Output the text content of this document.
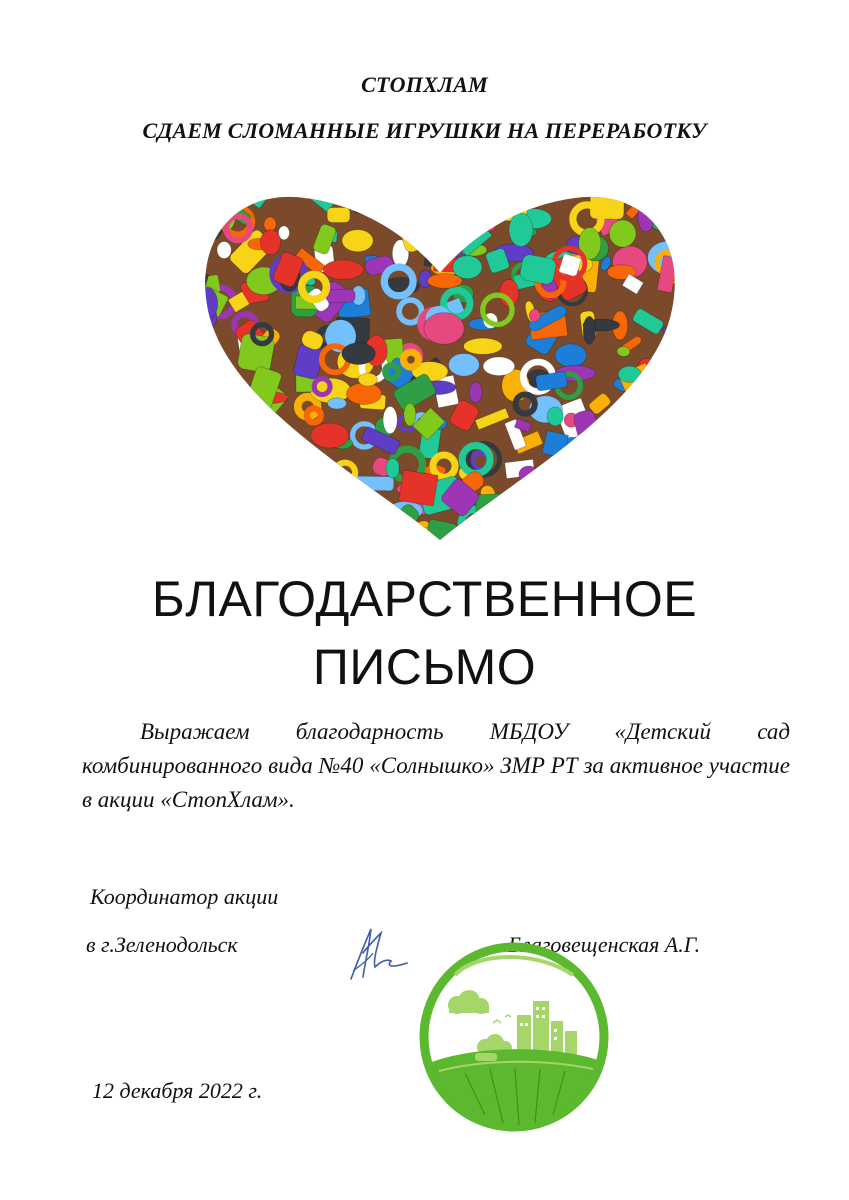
СТОПХЛАМ
СДАЕМ СЛОМАННЫЕ ИГРУШКИ НА ПЕРЕРАБОТКУ
БЛАГОДАРСТВЕННОЕ
ПИСЬМО
Выражаем благодарность МБДОУ «Детский сад комбинированного вида №40 «Солнышко» ЗМР РТ за активное участие в акции «СтопХлам».
Координатор акции
в г.Зеленодольск	Благовещенская А.Г.
12 декабря 2022 г.
